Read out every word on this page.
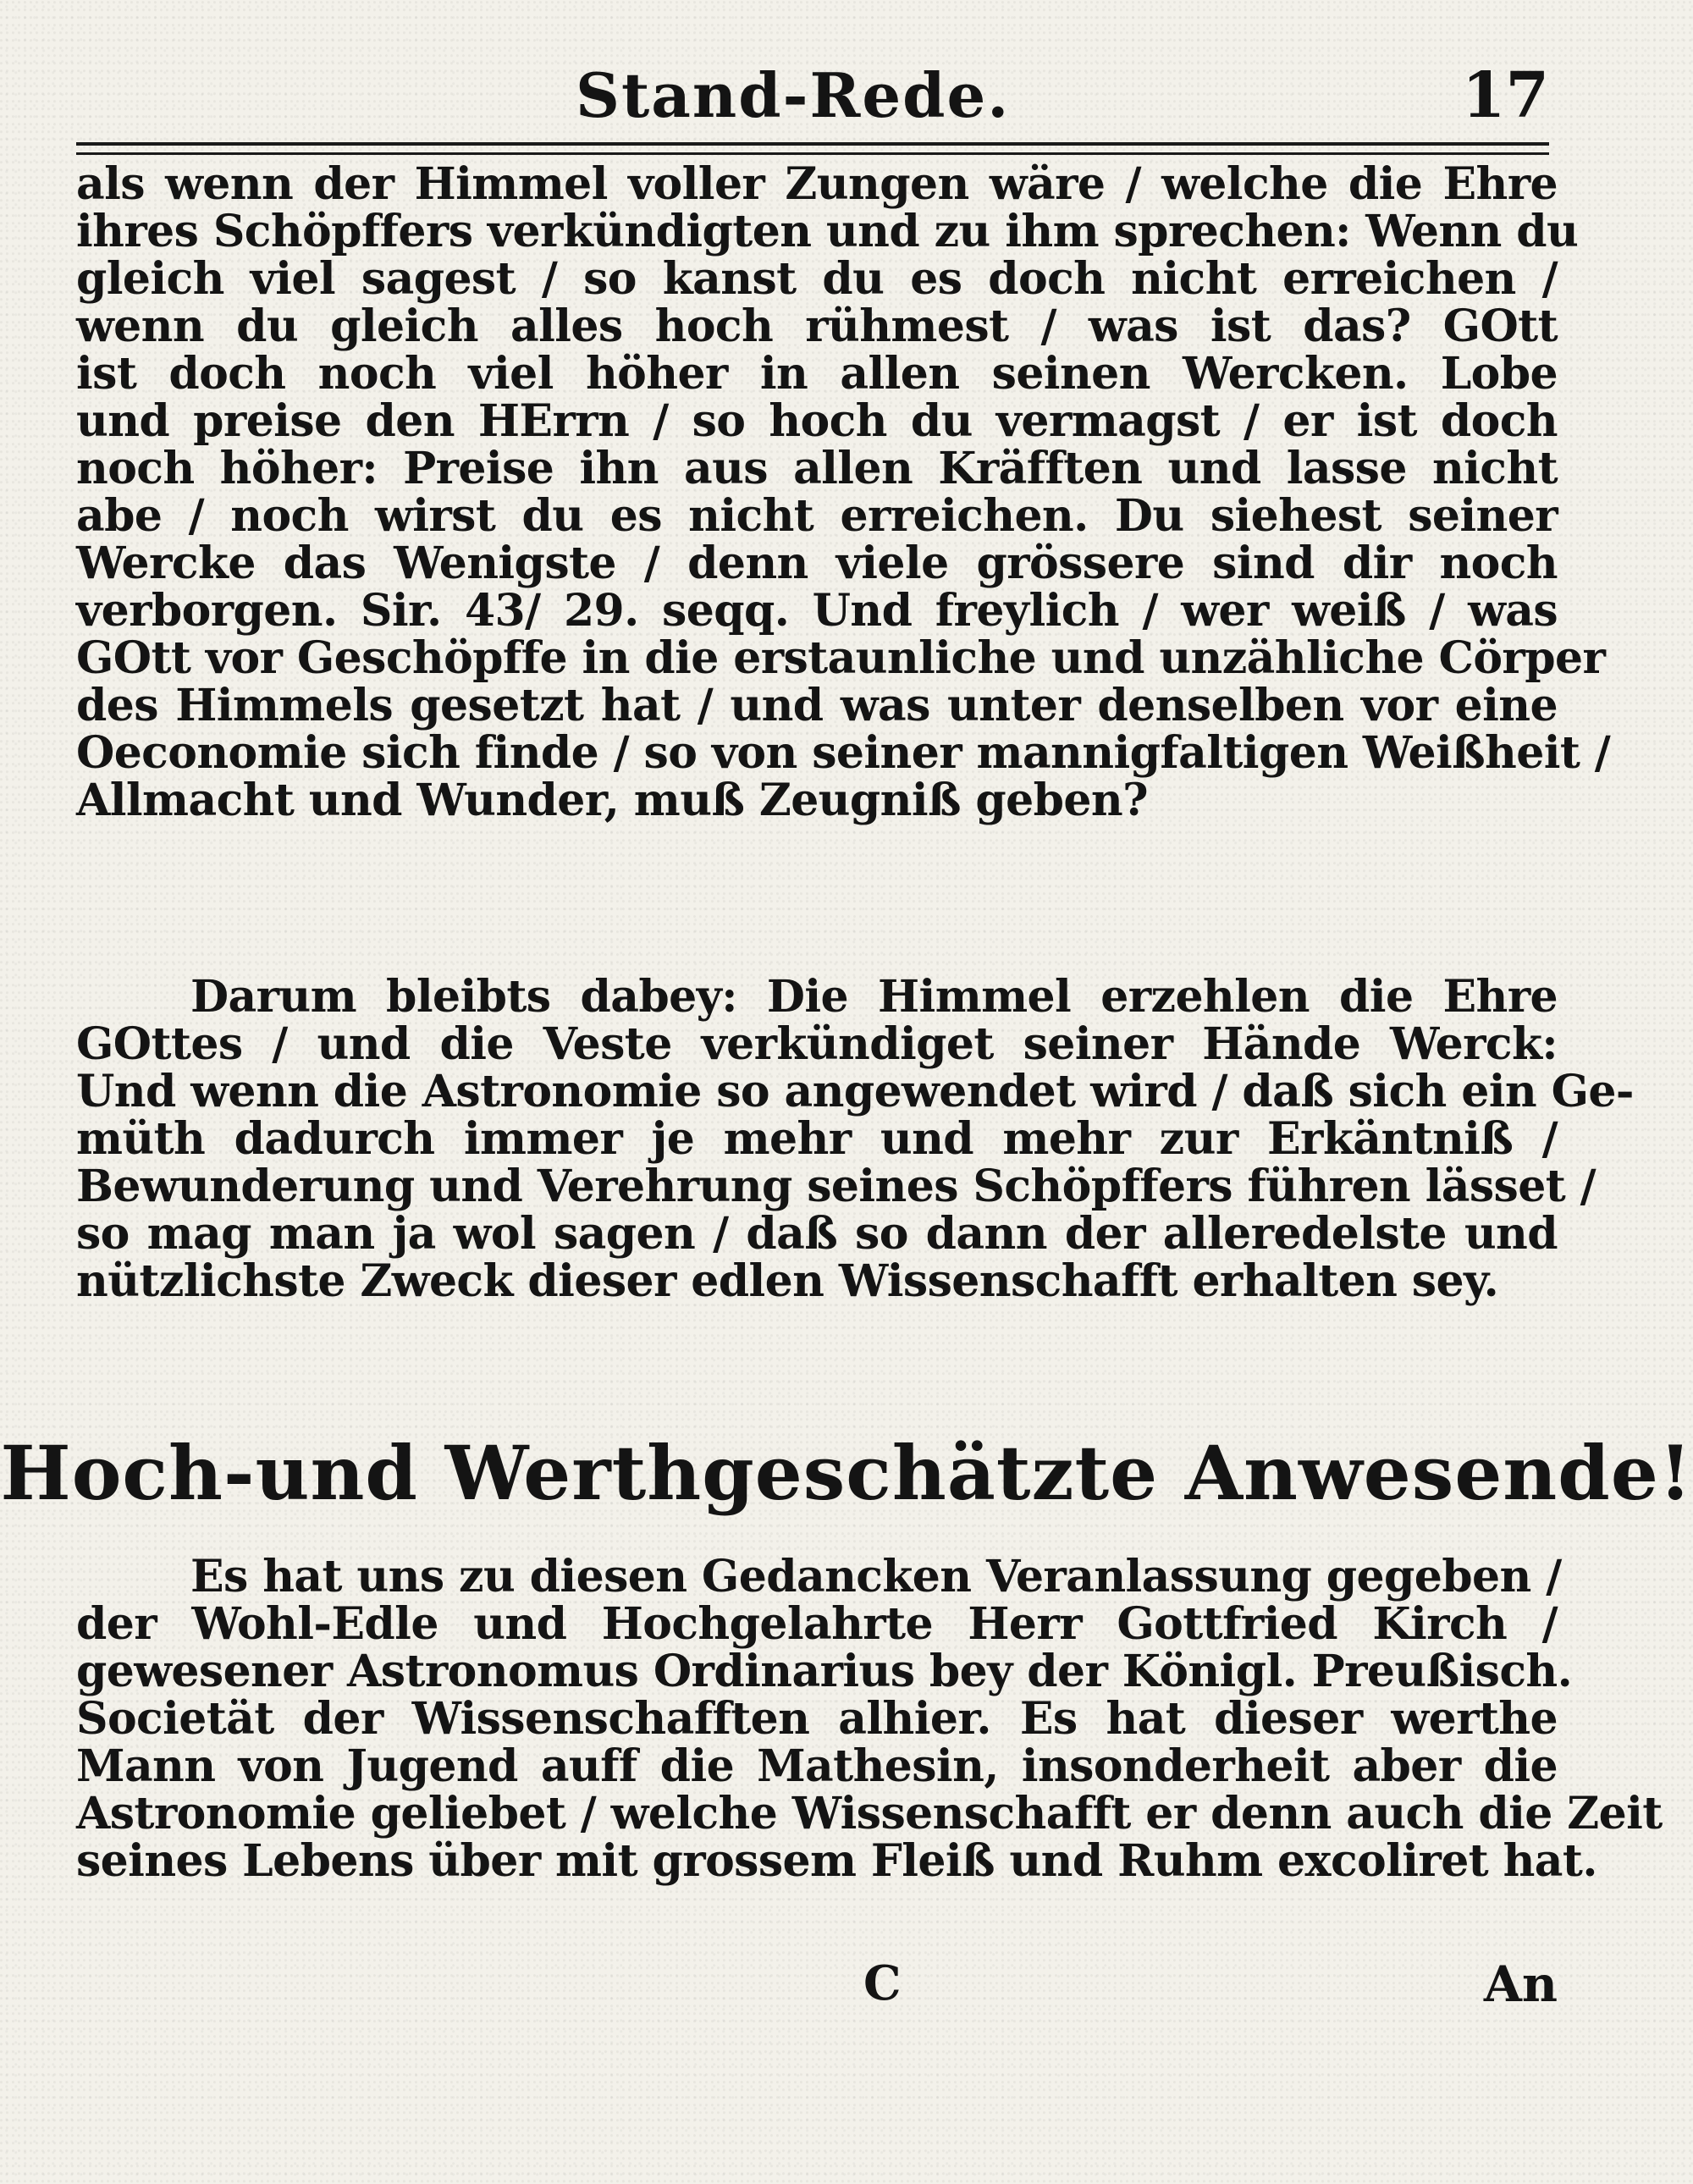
Stand-Rede.	17
als wenn der Himmel voller Zungen wäre / welche die Ehre
ihres Schöpffers verkündigten und zu ihm sprechen: Wenn du
gleich viel sagest / so kanst du es doch nicht erreichen /
wenn du gleich alles hoch rühmest / was ist das? GOtt
ist doch noch viel höher in allen seinen Wercken. Lobe
und preise den HErrn / so hoch du vermagst / er ist doch
noch höher: Preise ihn aus allen Kräfften und lasse nicht
abe / noch wirst du es nicht erreichen. Du siehest seiner
Wercke das Wenigste / denn viele grössere sind dir noch
verborgen. Sir. 43/ 29. seqq. Und freylich / wer weiß / was
GOtt vor Geschöpffe in die erstaunliche und unzähliche Cörper
des Himmels gesetzt hat / und was unter denselben vor eine
Oeconomie sich finde / so von seiner mannigfaltigen Weißheit /
Allmacht und Wunder, muß Zeugniß geben?
Darum bleibts dabey: Die Himmel erzehlen die Ehre
GOttes / und die Veste verkündiget seiner Hände Werck:
Und wenn die Astronomie so angewendet wird / daß sich ein Ge-
müth dadurch immer je mehr und mehr zur Erkäntniß /
Bewunderung und Verehrung seines Schöpffers führen lässet /
so mag man ja wol sagen / daß so dann der alleredelste und
nützlichste Zweck dieser edlen Wissenschafft erhalten sey.
Hoch-und Werthgeschätzte Anwesende!
Es hat uns zu diesen Gedancken Veranlassung gegeben /
der Wohl-Edle und Hochgelahrte Herr Gottfried Kirch /
gewesener Astronomus Ordinarius bey der Königl. Preußisch.
Societät der Wissenschafften alhier. Es hat dieser werthe
Mann von Jugend auff die Mathesin, insonderheit aber die
Astronomie geliebet / welche Wissenschafft er denn auch die Zeit
seines Lebens über mit grossem Fleiß und Ruhm excoliret hat.
C	An
